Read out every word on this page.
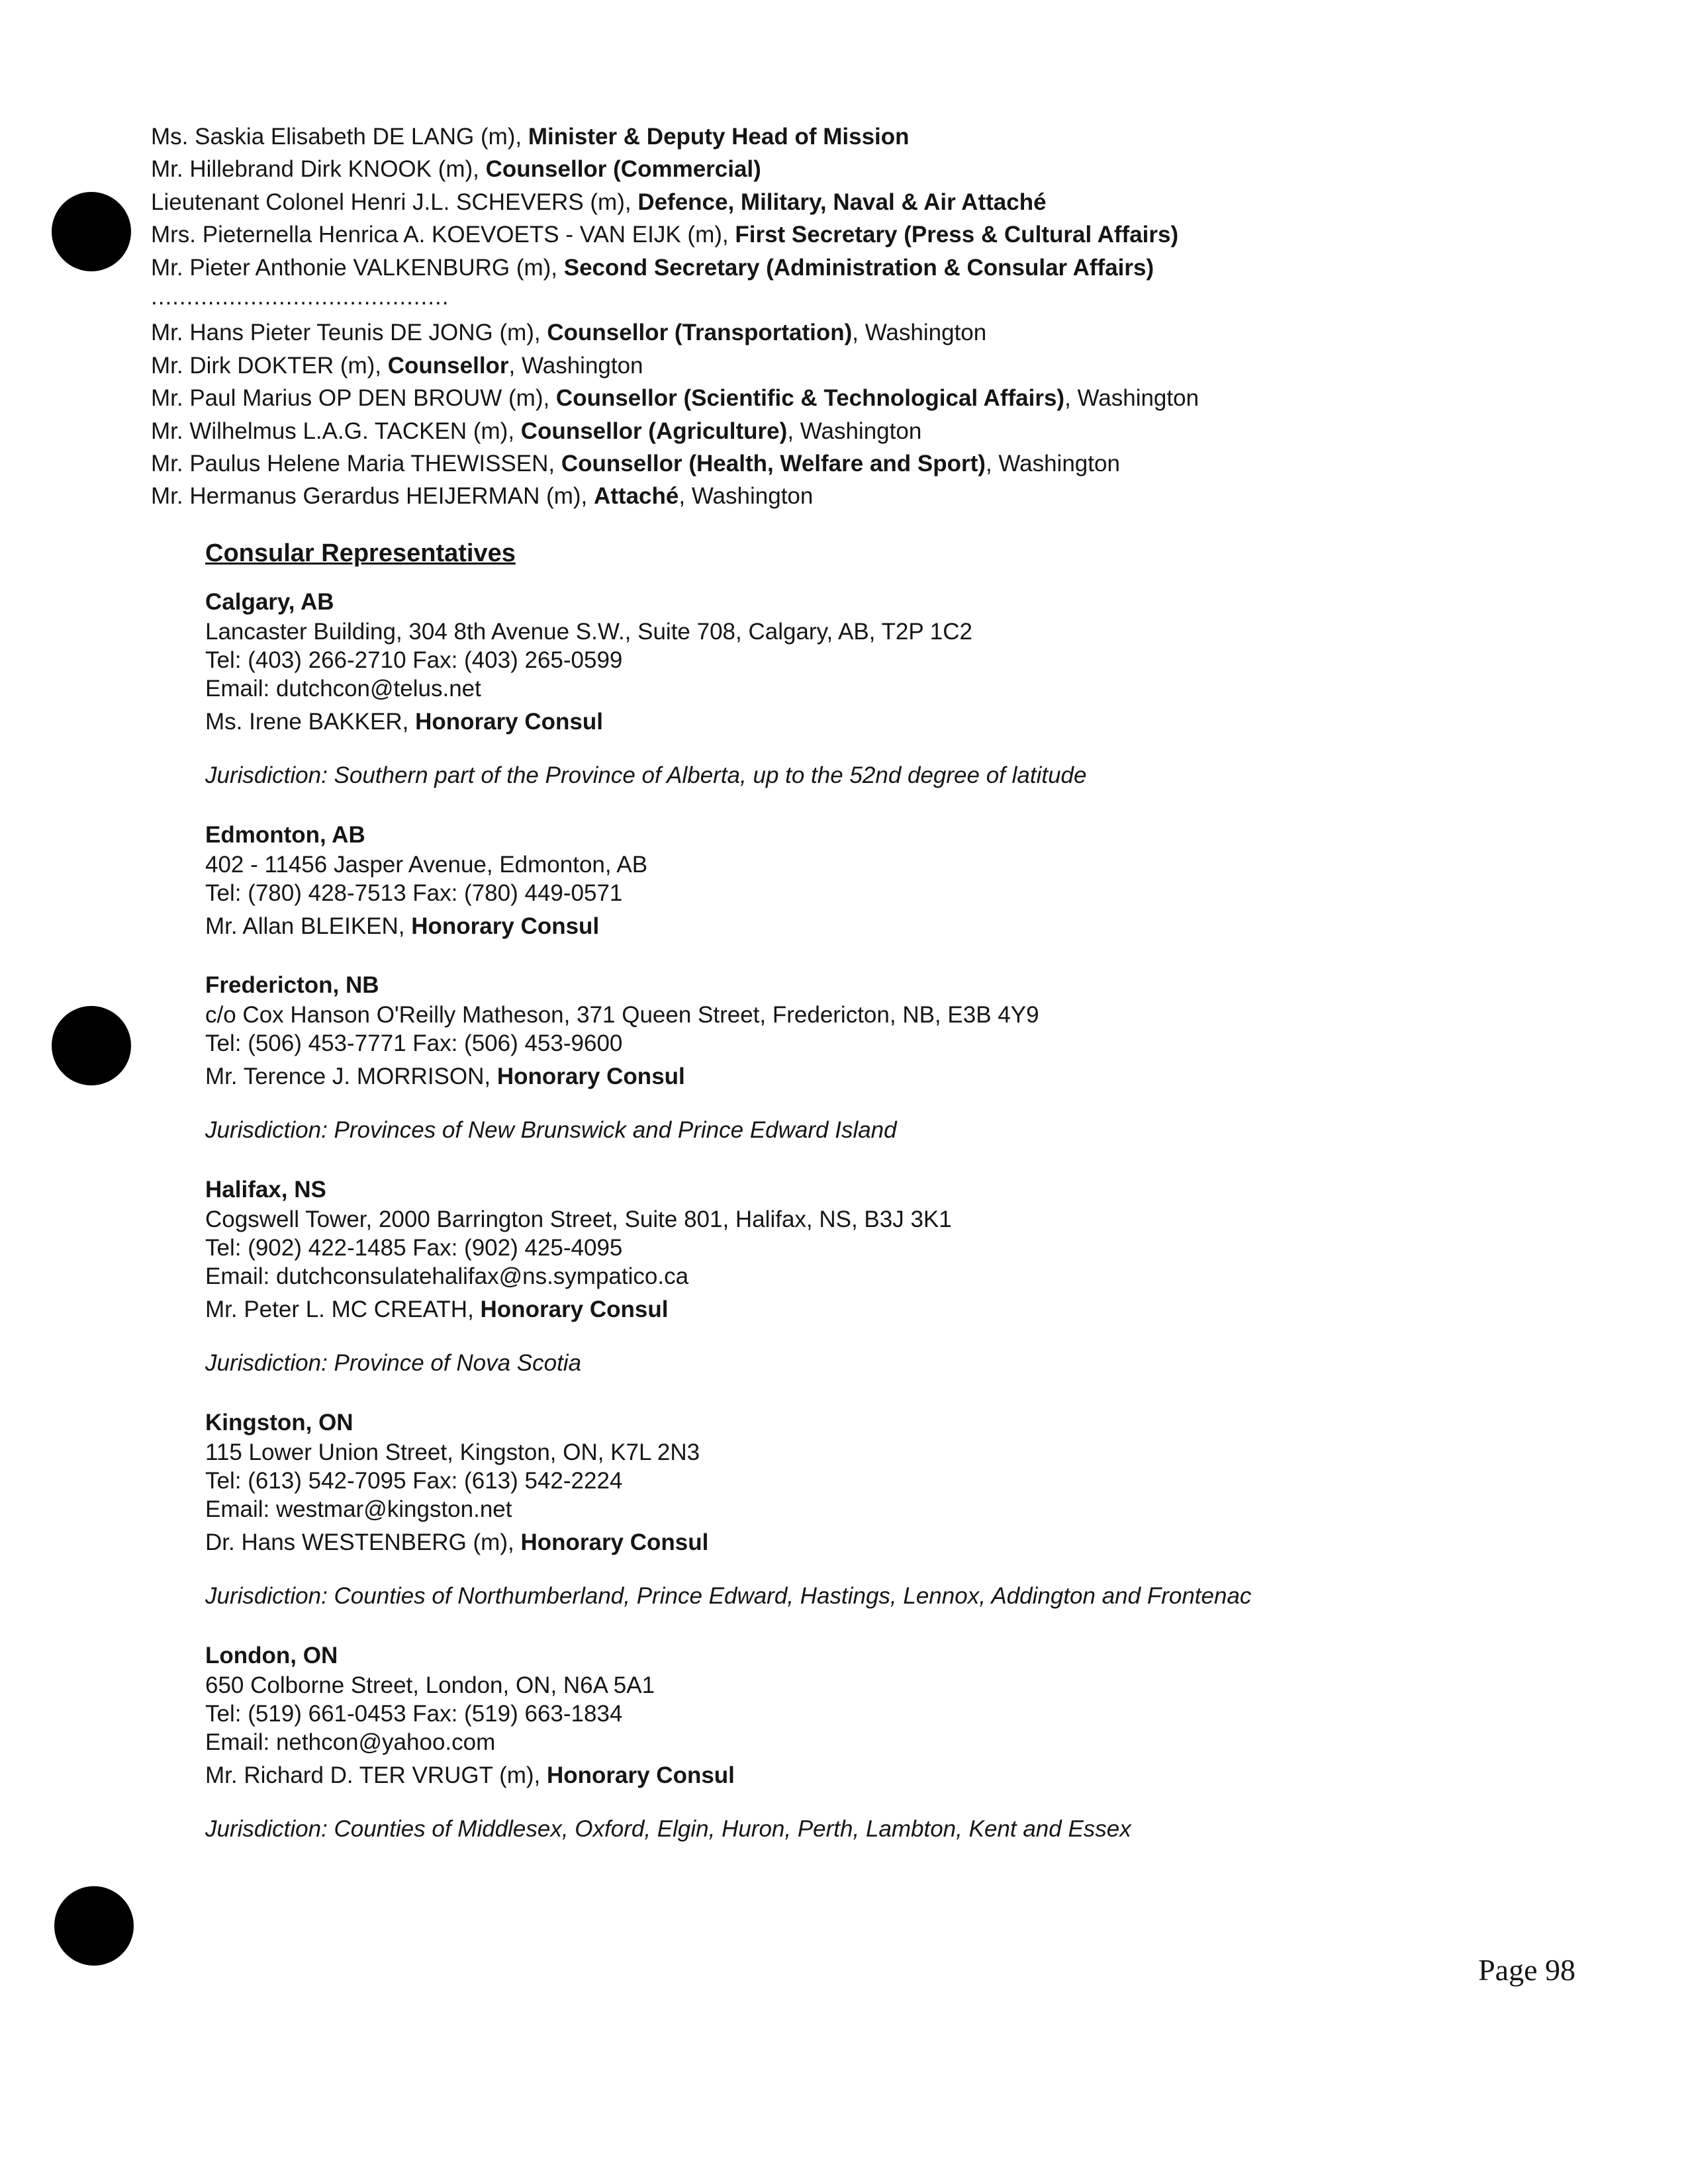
Ms. Saskia Elisabeth DE LANG (m), Minister & Deputy Head of Mission
Mr. Hillebrand Dirk KNOOK (m), Counsellor (Commercial)
Lieutenant Colonel Henri J.L. SCHEVERS (m), Defence, Military, Naval & Air Attaché
Mrs. Pieternella Henrica A. KOEVOETS - VAN EIJK (m), First Secretary (Press & Cultural Affairs)
Mr. Pieter Anthonie VALKENBURG (m), Second Secretary (Administration & Consular Affairs)
..........................................
Mr. Hans Pieter Teunis DE JONG (m), Counsellor (Transportation), Washington
Mr. Dirk DOKTER (m), Counsellor, Washington
Mr. Paul Marius OP DEN BROUW (m), Counsellor (Scientific & Technological Affairs), Washington
Mr. Wilhelmus L.A.G. TACKEN (m), Counsellor (Agriculture), Washington
Mr. Paulus Helene Maria THEWISSEN, Counsellor (Health, Welfare and Sport), Washington
Mr. Hermanus Gerardus HEIJERMAN (m), Attaché, Washington
Consular Representatives
Calgary, AB
Lancaster Building, 304 8th Avenue S.W., Suite 708, Calgary, AB, T2P 1C2
Tel: (403) 266-2710 Fax: (403) 265-0599
Email: dutchcon@telus.net
Ms. Irene BAKKER, Honorary Consul
Jurisdiction: Southern part of the Province of Alberta, up to the 52nd degree of latitude
Edmonton, AB
402 - 11456 Jasper Avenue, Edmonton, AB
Tel: (780) 428-7513 Fax: (780) 449-0571
Mr. Allan BLEIKEN, Honorary Consul
Fredericton, NB
c/o Cox Hanson O'Reilly Matheson, 371 Queen Street, Fredericton, NB, E3B 4Y9
Tel: (506) 453-7771 Fax: (506) 453-9600
Mr. Terence J. MORRISON, Honorary Consul
Jurisdiction: Provinces of New Brunswick and Prince Edward Island
Halifax, NS
Cogswell Tower, 2000 Barrington Street, Suite 801, Halifax, NS, B3J 3K1
Tel: (902) 422-1485 Fax: (902) 425-4095
Email: dutchconsulatehalifax@ns.sympatico.ca
Mr. Peter L. MC CREATH, Honorary Consul
Jurisdiction: Province of Nova Scotia
Kingston, ON
115 Lower Union Street, Kingston, ON, K7L 2N3
Tel: (613) 542-7095 Fax: (613) 542-2224
Email: westmar@kingston.net
Dr. Hans WESTENBERG (m), Honorary Consul
Jurisdiction: Counties of Northumberland, Prince Edward, Hastings, Lennox, Addington and Frontenac
London, ON
650 Colborne Street, London, ON, N6A 5A1
Tel: (519) 661-0453 Fax: (519) 663-1834
Email: nethcon@yahoo.com
Mr. Richard D. TER VRUGT (m), Honorary Consul
Jurisdiction: Counties of Middlesex, Oxford, Elgin, Huron, Perth, Lambton, Kent and Essex
Page 98
